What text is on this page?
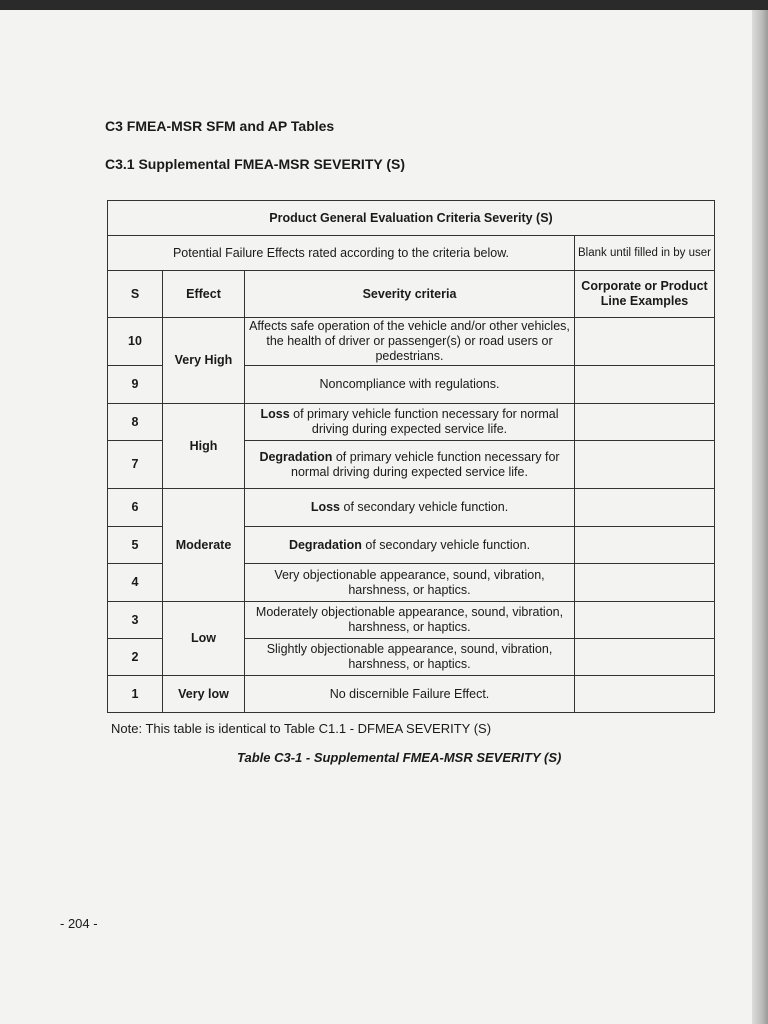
C3 FMEA-MSR SFM and AP Tables
C3.1 Supplemental FMEA-MSR SEVERITY (S)
Product General Evaluation Criteria Severity (S)			
Potential Failure Effects rated according to the criteria below.			Blank until filled in by user
S	Effect	Severity criteria	Corporate or Product Line Examples
10	Very High	Affects safe operation of the vehicle and/or other vehicles, the health of driver or passenger(s) or road users or pedestrians.	
9		Noncompliance with regulations.	
8	High	Loss of primary vehicle function necessary for normal driving during expected service life.	
7		Degradation of primary vehicle function necessary for normal driving during expected service life.	
6	Moderate	Loss of secondary vehicle function.	
5		Degradation of secondary vehicle function.	
4		Very objectionable appearance, sound, vibration, harshness, or haptics.	
3	Low	Moderately objectionable appearance, sound, vibration, harshness, or haptics.	
2		Slightly objectionable appearance, sound, vibration, harshness, or haptics.	
1	Very low	No discernible Failure Effect.	
Note: This table is identical to Table C1.1 - DFMEA SEVERITY (S)
Table C3-1 - Supplemental FMEA-MSR SEVERITY (S)
- 204 -
